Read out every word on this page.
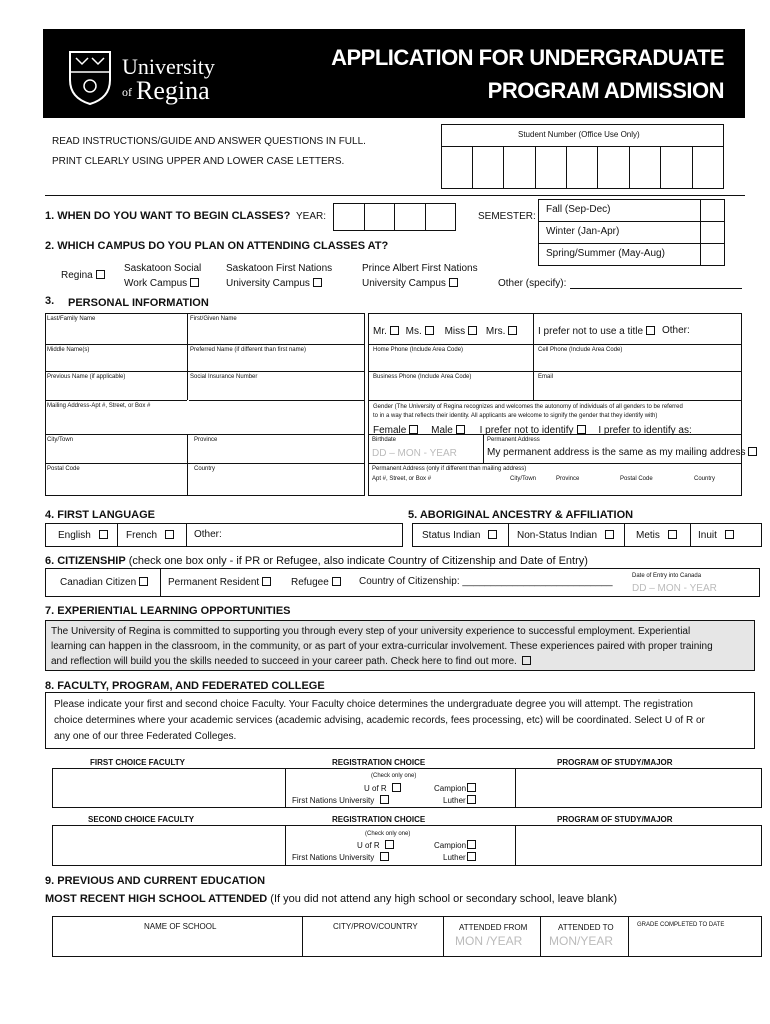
University
of Regina
APPLICATION FOR UNDERGRADUATE
PROGRAM ADMISSION
READ INSTRUCTIONS/GUIDE AND ANSWER QUESTIONS IN FULL.
PRINT CLEARLY USING UPPER AND LOWER CASE LETTERS.
Student Number (Office Use Only)
1. WHEN DO YOU WANT TO BEGIN CLASSES? YEAR:	SEMESTER:
Fall (Sep-Dec)
Winter (Jan-Apr)
Spring/Summer (May-Aug)
2. WHICH CAMPUS DO YOU PLAN ON ATTENDING CLASSES AT?
Regina
Saskatoon Social
Work Campus
Saskatoon First Nations
University Campus
Prince Albert First Nations
University Campus	Other (specify):
3. PERSONAL INFORMATION
Last/Family Name	First/Given Name
Middle Name(s)	Preferred Name (if different than first name)
Previous Name (if applicable)	Social Insurance Number
Mailing Address-Apt #, Street, or Box #
City/Town	Province
Postal Code	Country
Mr. Ms. Miss Mrs.	I prefer not to use a title	Other:
Home Phone (Include Area Code)	Cell Phone (Include Area Code)
Business Phone (Include Area Code)	Email
Gender (The University of Regina recognizes and welcomes the autonomy of individuals of all genders to be referred
to in a way that reflects their identity. All applicants are welcome to signify the gender that they identify with)
Female Male	I prefer not to identify I prefer to identify as:
Birthdate
DD – MON - YEAR
Permanent Address
My permanent address is the same as my mailing address
Permanent Address (only if different than mailing address)
Apt #, Street, or Box #	City/Town	Province	Postal Code	Country
4. FIRST LANGUAGE
English	French	Other:
5. ABORIGINAL ANCESTRY & AFFILIATION
Status Indian	Non-Status Indian	Metis	Inuit
6. CITIZENSHIP (check one box only - if PR or Refugee, also indicate Country of Citizenship and Date of Entry)
Canadian Citizen	Permanent Resident	Refugee	Country of Citizenship: ___________________________	Date of Entry into Canada
DD – MON - YEAR
7. EXPERIENTIAL LEARNING OPPORTUNITIES
The University of Regina is committed to supporting you through every step of your university experience to successful employment. Experiential
learning can happen in the classroom, in the community, or as part of your extra-curricular involvement. These experiences paired with proper training
and reflection will build you the skills needed to succeed in your career path. Check here to find out more.
8. FACULTY, PROGRAM, AND FEDERATED COLLEGE
Please indicate your first and second choice Faculty. Your Faculty choice determines the undergraduate degree you will attempt. The registration
choice determines where your academic services (academic advising, academic records, fees processing, etc) will be coordinated. Select U of R or
any one of our three Federated Colleges.
FIRST CHOICE FACULTY	REGISTRATION CHOICE	PROGRAM OF STUDY/MAJOR
(Check only one)
U of R
First Nations University
Campion
Luther
SECOND CHOICE FACULTY	REGISTRATION CHOICE	PROGRAM OF STUDY/MAJOR
(Check only one)
U of R
First Nations University
Campion
Luther
9. PREVIOUS AND CURRENT EDUCATION
MOST RECENT HIGH SCHOOL ATTENDED (If you did not attend any high school or secondary school, leave blank)
NAME OF SCHOOL	CITY/PROV/COUNTRY	ATTENDED FROM	ATTENDED TO	GRADE COMPLETED TO DATE
MON /YEAR MON/YEAR
